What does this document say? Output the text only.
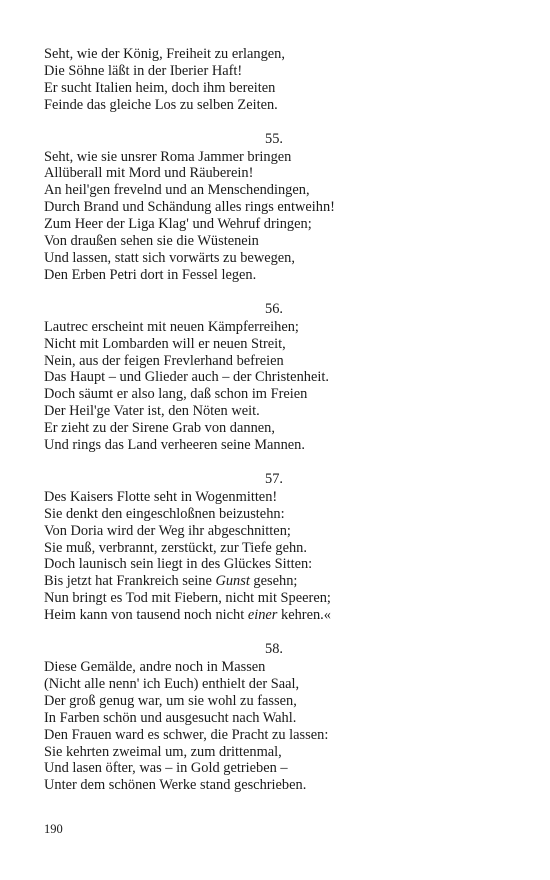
Seht, wie der König, Freiheit zu erlangen,
Die Söhne läßt in der Iberier Haft!
Er sucht Italien heim, doch ihm bereiten
Feinde das gleiche Los zu selben Zeiten.
55.
Seht, wie sie unsrer Roma Jammer bringen
Allüberall mit Mord und Räuberein!
An heil'gen frevelnd und an Menschendingen,
Durch Brand und Schändung alles rings entweihn!
Zum Heer der Liga Klag' und Wehruf dringen;
Von draußen sehen sie die Wüstenein
Und lassen, statt sich vorwärts zu bewegen,
Den Erben Petri dort in Fessel legen.
56.
Lautrec erscheint mit neuen Kämpferreihen;
Nicht mit Lombarden will er neuen Streit,
Nein, aus der feigen Frevlerhand befreien
Das Haupt – und Glieder auch – der Christenheit.
Doch säumt er also lang, daß schon im Freien
Der Heil'ge Vater ist, den Nöten weit.
Er zieht zu der Sirene Grab von dannen,
Und rings das Land verheeren seine Mannen.
57.
Des Kaisers Flotte seht in Wogenmitten!
Sie denkt den eingeschloßnen beizustehn:
Von Doria wird der Weg ihr abgeschnitten;
Sie muß, verbrannt, zerstückt, zur Tiefe gehn.
Doch launisch sein liegt in des Glückes Sitten:
Bis jetzt hat Frankreich seine Gunst gesehn;
Nun bringt es Tod mit Fiebern, nicht mit Speeren;
Heim kann von tausend noch nicht einer kehren.«
58.
Diese Gemälde, andre noch in Massen
(Nicht alle nenn' ich Euch) enthielt der Saal,
Der groß genug war, um sie wohl zu fassen,
In Farben schön und ausgesucht nach Wahl.
Den Frauen ward es schwer, die Pracht zu lassen:
Sie kehrten zweimal um, zum drittenmal,
Und lasen öfter, was – in Gold getrieben –
Unter dem schönen Werke stand geschrieben.
190
